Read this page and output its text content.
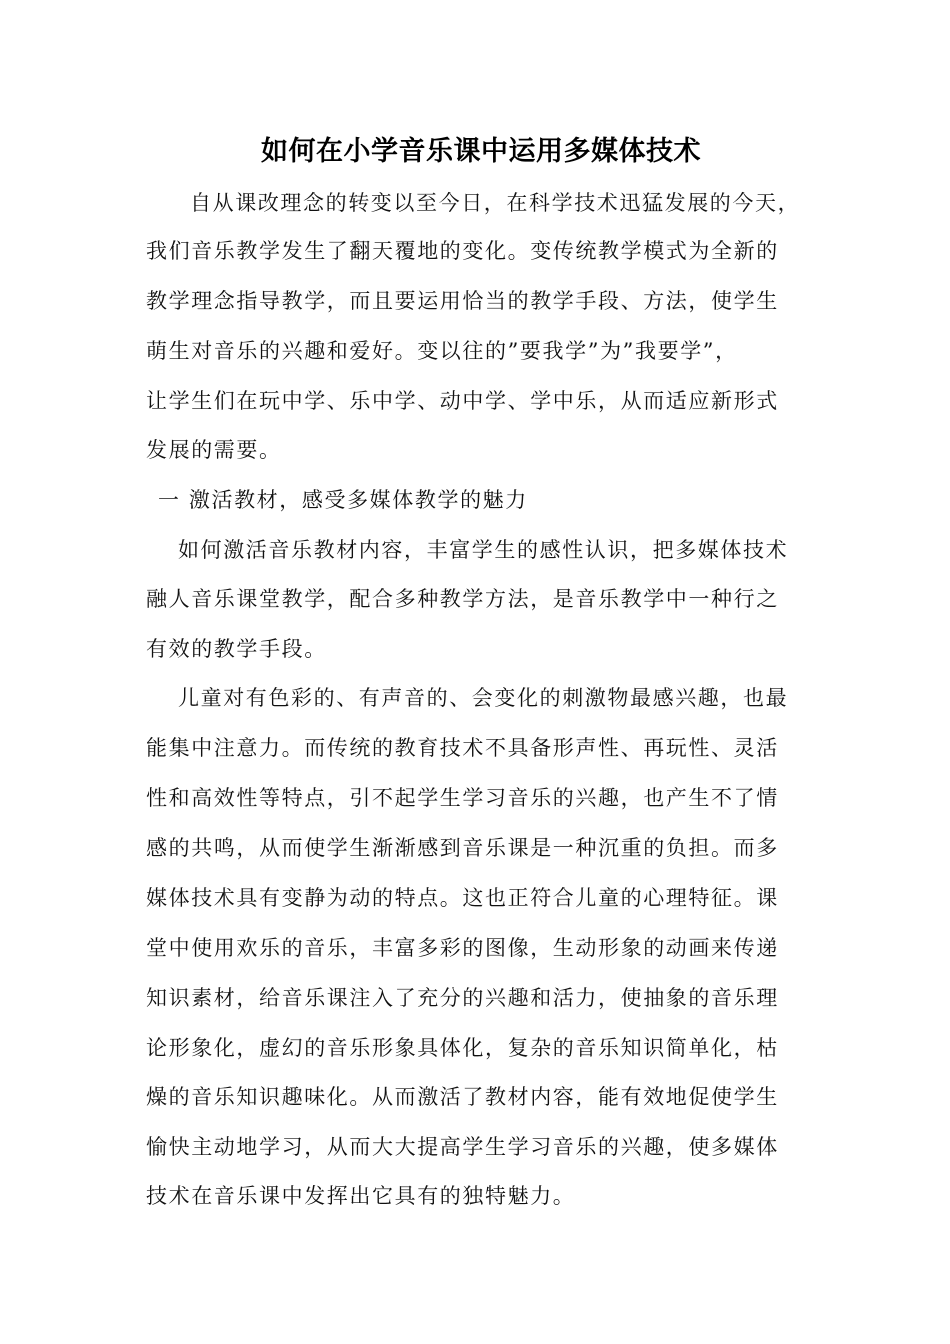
如何在小学音乐课中运用多媒体技术
自从课改理念的转变以至今日，在科学技术迅猛发展的今天，
我们音乐教学发生了翻天覆地的变化。变传统教学模式为全新的
教学理念指导教学，而且要运用恰当的教学手段、方法，使学生
萌生对音乐的兴趣和爱好。变以往的”要我学”为”我要学”，
让学生们在玩中学、乐中学、动中学、学中乐，从而适应新形式
发展的需要。
一 激活教材，感受多媒体教学的魅力
如何激活音乐教材内容，丰富学生的感性认识，把多媒体技术
融人音乐课堂教学，配合多种教学方法，是音乐教学中一种行之
有效的教学手段。
儿童对有色彩的、有声音的、会变化的刺激物最感兴趣，也最
能集中注意力。而传统的教育技术不具备形声性、再玩性、灵活
性和高效性等特点，引不起学生学习音乐的兴趣，也产生不了情
感的共鸣，从而使学生渐渐感到音乐课是一种沉重的负担。而多
媒体技术具有变静为动的特点。这也正符合儿童的心理特征。课
堂中使用欢乐的音乐，丰富多彩的图像，生动形象的动画来传递
知识素材，给音乐课注入了充分的兴趣和活力，使抽象的音乐理
论形象化，虚幻的音乐形象具体化，复杂的音乐知识简单化，枯
燥的音乐知识趣味化。从而激活了教材内容，能有效地促使学生
愉快主动地学习，从而大大提高学生学习音乐的兴趣，使多媒体
技术在音乐课中发挥出它具有的独特魅力。
